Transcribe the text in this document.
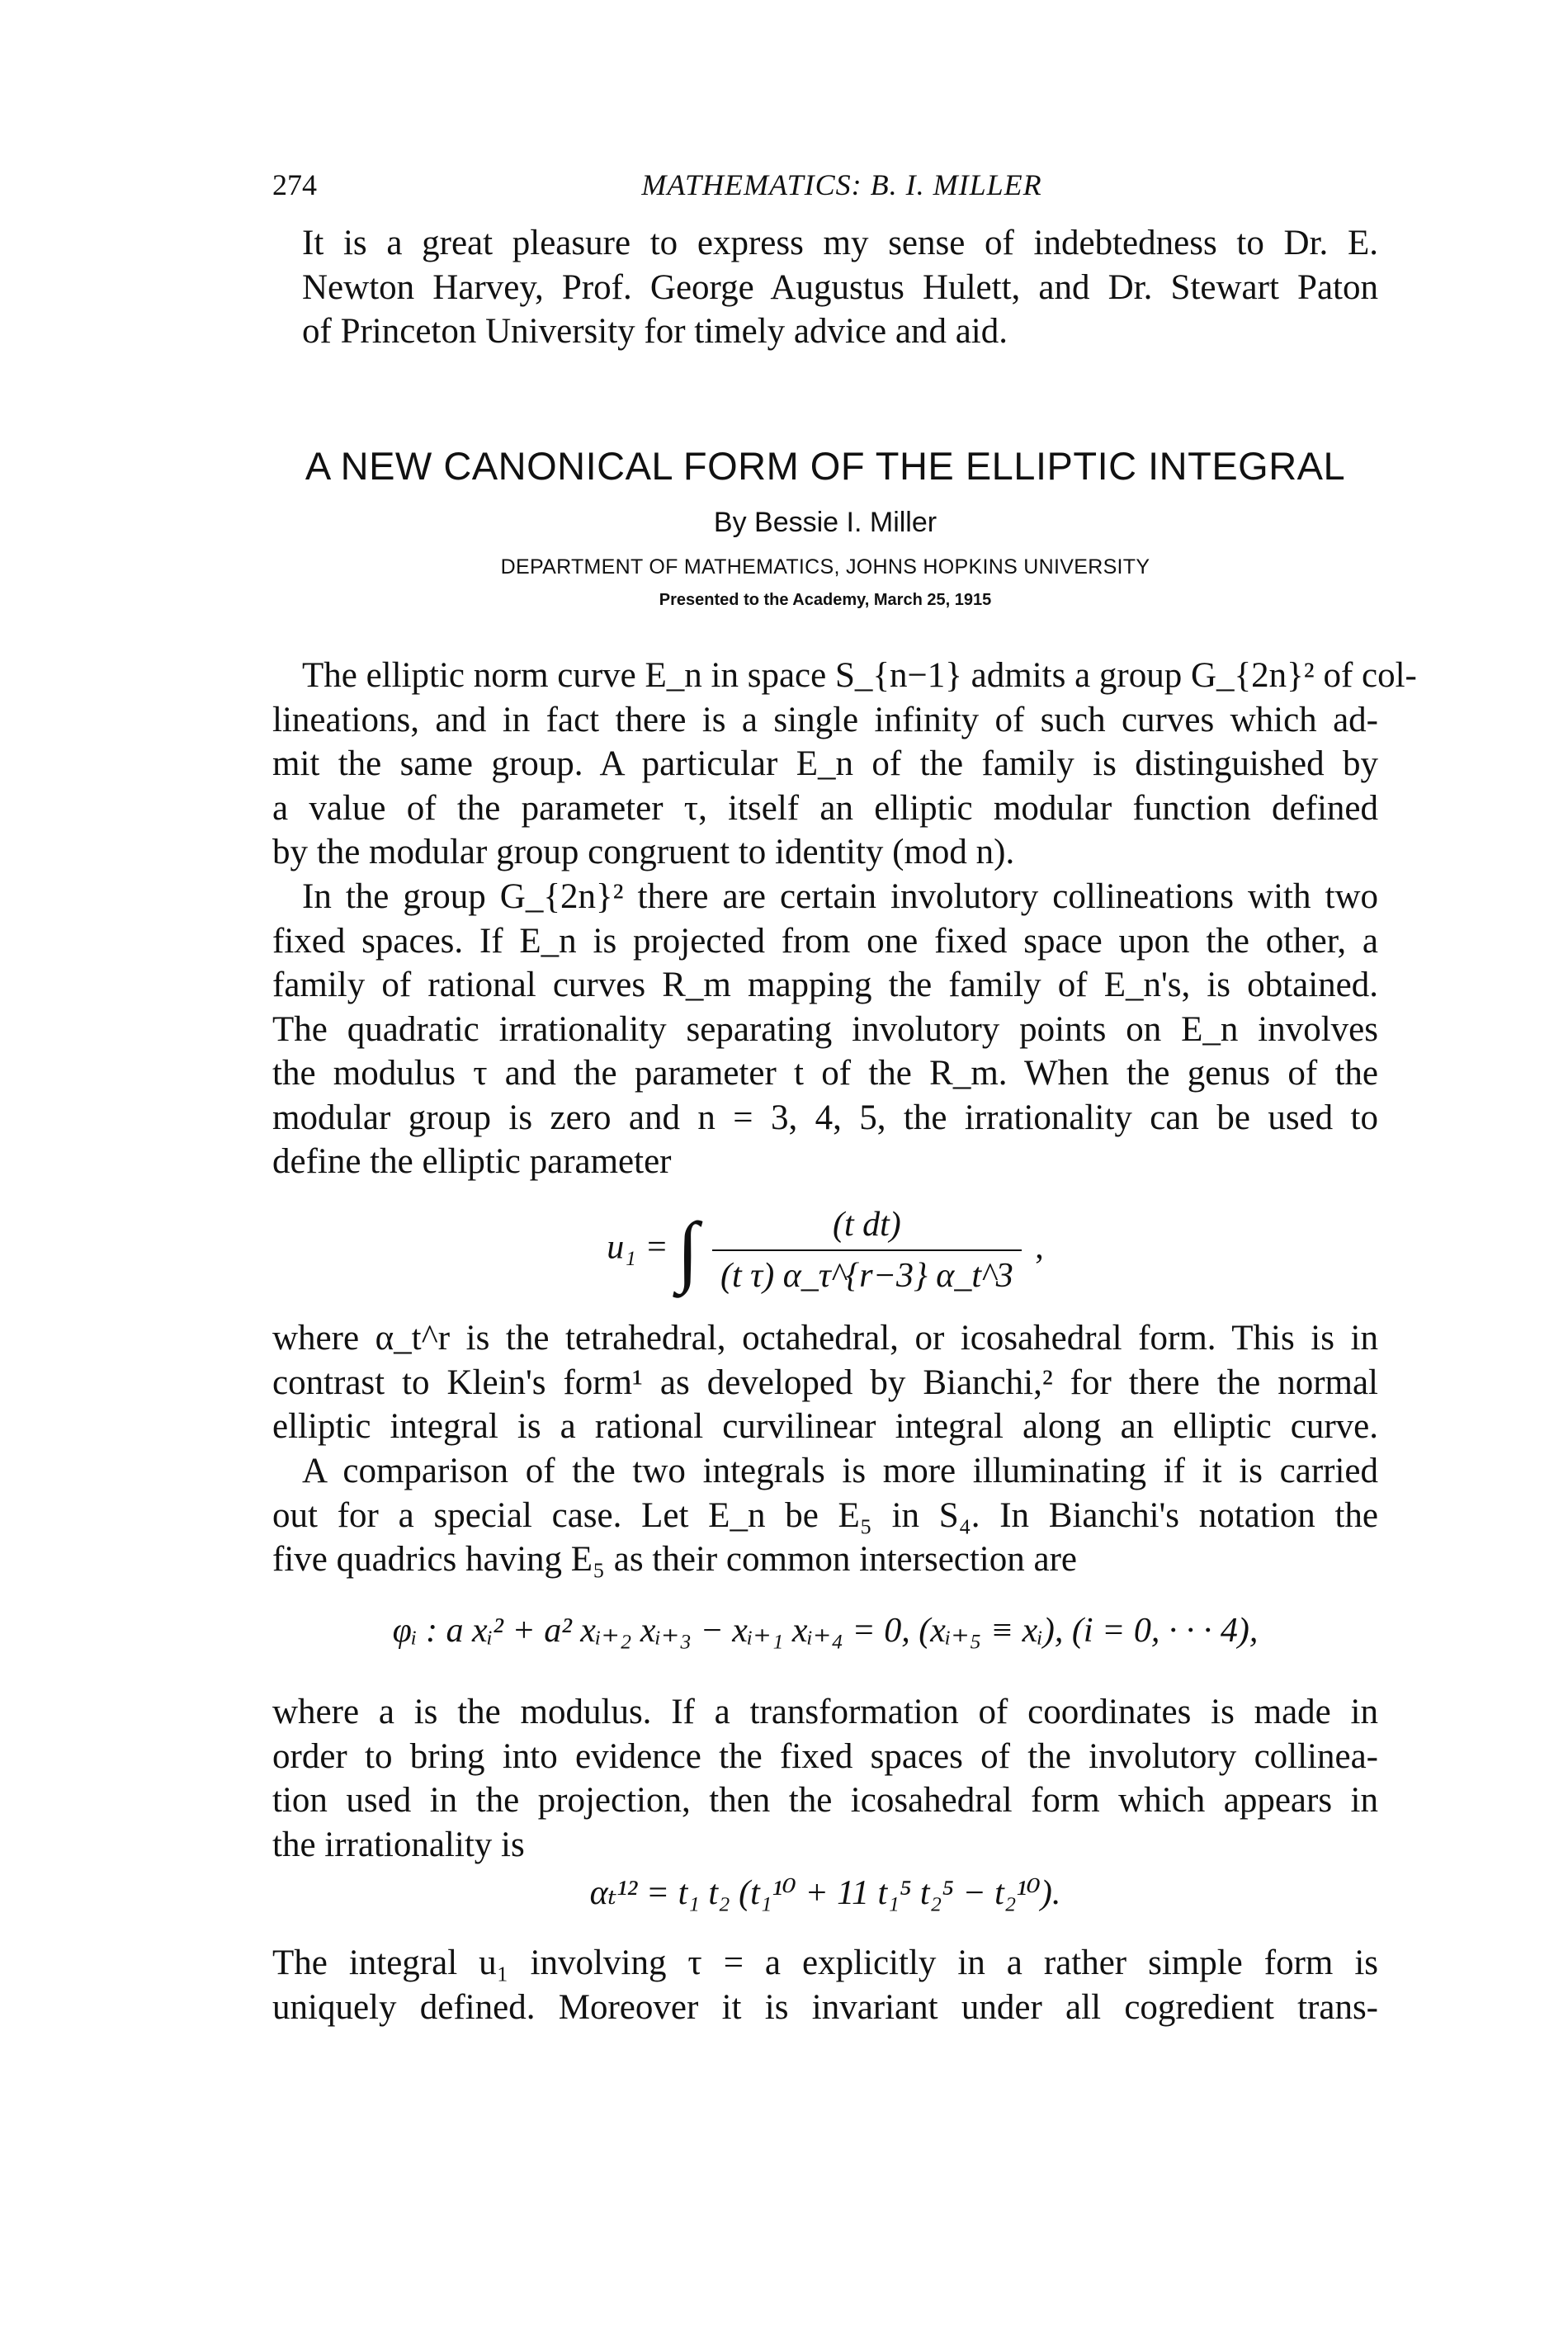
274	MATHEMATICS: B. I. MILLER
It is a great pleasure to express my sense of indebtedness to Dr. E.
Newton Harvey, Prof. George Augustus Hulett, and Dr. Stewart Paton
of Princeton University for timely advice and aid.
A NEW CANONICAL FORM OF THE ELLIPTIC INTEGRAL
By Bessie I. Miller
DEPARTMENT OF MATHEMATICS, JOHNS HOPKINS UNIVERSITY
Presented to the Academy, March 25, 1915
The elliptic norm curve E_n in space S_{n−1} admits a group G_{2n}² of col-
lineations, and in fact there is a single infinity of such curves which ad-
mit the same group. A particular E_n of the family is distinguished by
a value of the parameter τ, itself an elliptic modular function defined
by the modular group congruent to identity (mod n).
In the group G_{2n}² there are certain involutory collineations with two
fixed spaces. If E_n is projected from one fixed space upon the other, a
family of rational curves R_m mapping the family of E_n's, is obtained.
The quadratic irrationality separating involutory points on E_n involves
the modulus τ and the parameter t of the R_m. When the genus of the
modular group is zero and n = 3, 4, 5, the irrationality can be used to
define the elliptic parameter
u₁ = ∫ $\frac{\text{(t dt)}}{\text{(t τ) α\_τ\textasciicircum{}\{r−3\} α\_t\textasciicircum{}3}}$ ,
where α_t^r is the tetrahedral, octahedral, or icosahedral form. This is in
contrast to Klein's form¹ as developed by Bianchi,² for there the normal
elliptic integral is a rational curvilinear integral along an elliptic curve.
A comparison of the two integrals is more illuminating if it is carried
out for a special case. Let E_n be E₅ in S₄. In Bianchi's notation the
five quadrics having E₅ as their common intersection are
φᵢ : a xᵢ² + a² xᵢ₊₂ xᵢ₊₃ − xᵢ₊₁ xᵢ₊₄ = 0, (xᵢ₊₅ ≡ xᵢ), (i = 0, · · · 4),
where a is the modulus. If a transformation of coordinates is made in
order to bring into evidence the fixed spaces of the involutory collinea-
tion used in the projection, then the icosahedral form which appears in
the irrationality is
αₜ¹² = t₁ t₂ (t₁¹⁰ + 11 t₁⁵ t₂⁵ − t₂¹⁰).
The integral u₁ involving τ = a explicitly in a rather simple form is
uniquely defined. Moreover it is invariant under all cogredient trans-
